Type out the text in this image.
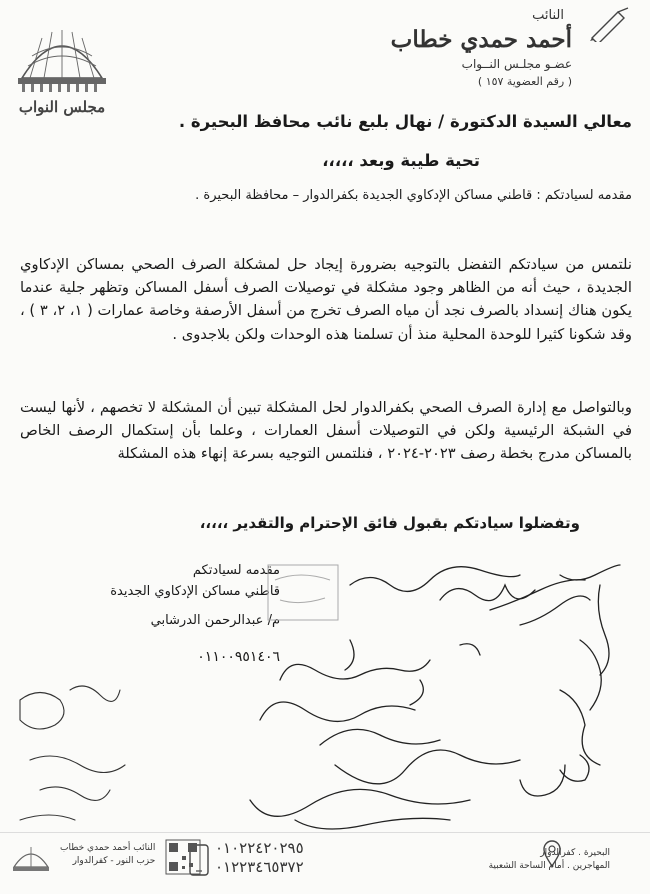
مجلس النواب
النائب
أحمد حمدي خطاب
عضـو مجلـس النــواب
( رقم العضوية ١٥٧ )
معالي السيدة الدكتورة / نهال بلبع نائب محافظ البحيرة .
تحية طيبة وبعد ،،،،،
مقدمه لسيادتكم : قاطني مساكن الإدكاوي الجديدة بكفرالدوار – محافظة البحيرة .
نلتمس من سيادتكم التفضل بالتوجيه بضرورة إيجاد حل لمشكلة الصرف الصحي بمساكن الإدكاوي الجديدة ، حيث أنه من الظاهر وجود مشكلة في توصيلات الصرف أسفل المساكن وتظهر جلية عندما يكون هناك إنسداد بالصرف نجد أن مياه الصرف تخرج من أسفل الأرصفة وخاصة عمارات ( ١، ٢، ٣ ) ، وقد شكونا كثيرا للوحدة المحلية منذ أن تسلمنا هذه الوحدات ولكن بلاجدوى .
وبالتواصل مع إدارة الصرف الصحي بكفرالدوار لحل المشكلة تبين أن المشكلة لا تخصهم ، لأنها ليست في الشبكة الرئيسية ولكن في التوصيلات أسفل العمارات ، وعلما بأن إستكمال الرصف الخاص بالمساكن مدرج بخطة رصف ٢٠٢٣-٢٠٢٤ ، فنلتمس التوجيه بسرعة إنهاء هذه المشكلة
وتفضلوا سيادتكم بقبول فائق الإحترام والتقدير ،،،،،
مقدمه لسيادتكم
قاطني مساكن الإدكاوي الجديدة
م/ عبدالرحمن الدرشابي
٠١١٠٠٩٥١٤٠٦
البحيرة . كفرالدوار
المهاجرين . أمام الساحة الشعبية
٠١٠٢٢٤٢٠٢٩٥
٠١٢٢٣٤٦٥٣٧٢
النائب أحمد حمدي خطاب
حزب النور - كفرالدوار
